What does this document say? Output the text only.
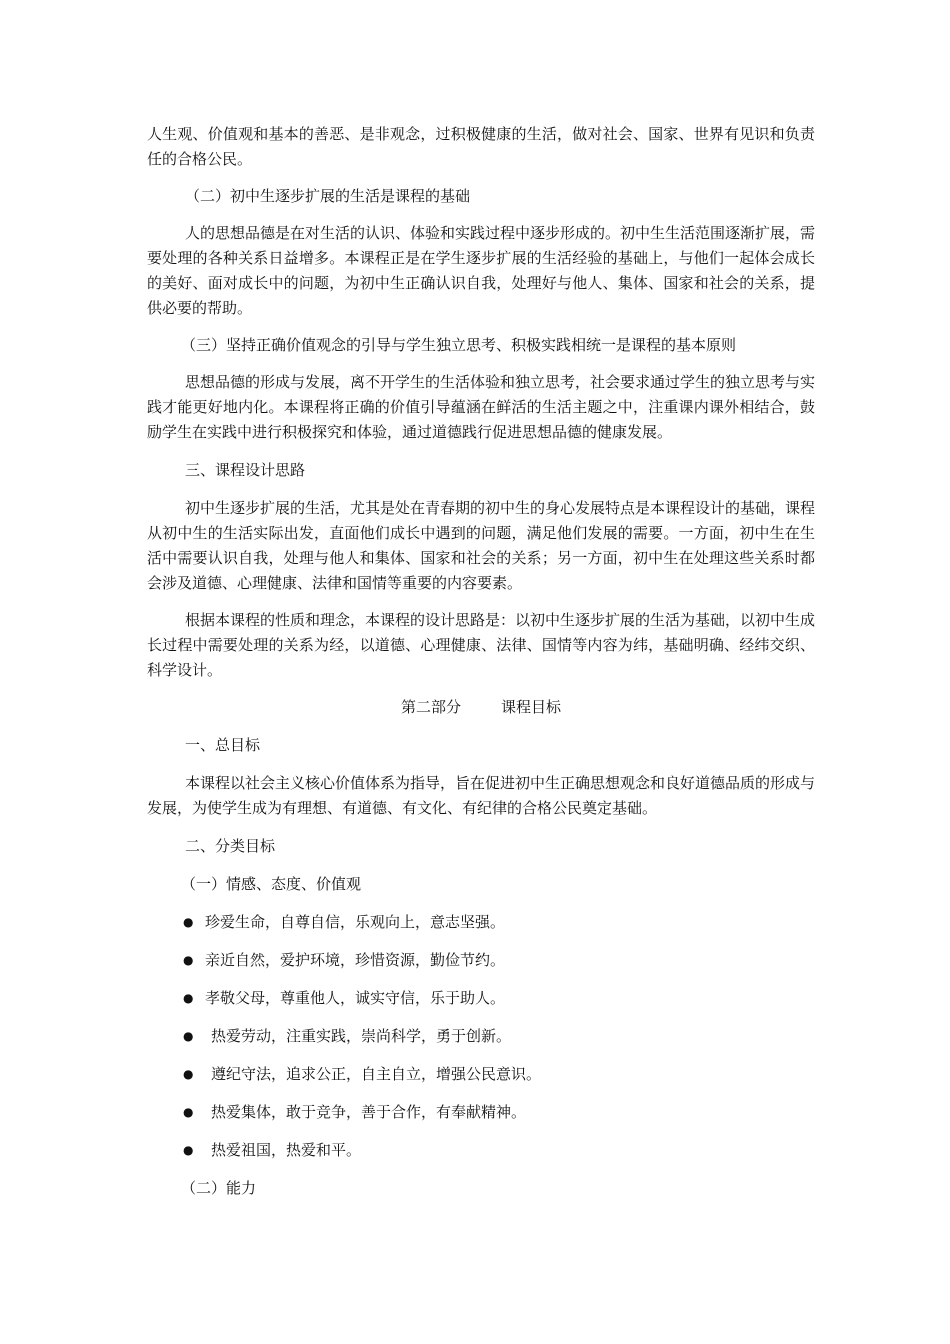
人生观、价值观和基本的善恶、是非观念，过积极健康的生活，做对社会、国家、世界有见识和负责任的合格公民。

（二）初中生逐步扩展的生活是课程的基础

人的思想品德是在对生活的认识、体验和实践过程中逐步形成的。初中生生活范围逐渐扩展，需要处理的各种关系日益增多。本课程正是在学生逐步扩展的生活经验的基础上，与他们一起体会成长的美好、面对成长中的问题，为初中生正确认识自我，处理好与他人、集体、国家和社会的关系，提供必要的帮助。

（三）坚持正确价值观念的引导与学生独立思考、积极实践相统一是课程的基本原则

思想品德的形成与发展，离不开学生的生活体验和独立思考，社会要求通过学生的独立思考与实践才能更好地内化。本课程将正确的价值引导蕴涵在鲜活的生活主题之中，注重课内课外相结合，鼓励学生在实践中进行积极探究和体验，通过道德践行促进思想品德的健康发展。

三、课程设计思路

初中生逐步扩展的生活，尤其是处在青春期的初中生的身心发展特点是本课程设计的基础，课程从初中生的生活实际出发，直面他们成长中遇到的问题，满足他们发展的需要。一方面，初中生在生活中需要认识自我，处理与他人和集体、国家和社会的关系；另一方面，初中生在处理这些关系时都会涉及道德、心理健康、法律和国情等重要的内容要素。

根据本课程的性质和理念，本课程的设计思路是：以初中生逐步扩展的生活为基础，以初中生成长过程中需要处理的关系为经，以道德、心理健康、法律、国情等内容为纬，基础明确、经纬交织、科学设计。

第二部分	课程目标

一、总目标

本课程以社会主义核心价值体系为指导，旨在促进初中生正确思想观念和良好道德品质的形成与发展，为使学生成为有理想、有道德、有文化、有纪律的合格公民奠定基础。

二、分类目标

（一）情感、态度、价值观

● 珍爱生命，自尊自信，乐观向上，意志坚强。

● 亲近自然，爱护环境，珍惜资源，勤俭节约。

● 孝敬父母，尊重他人，诚实守信，乐于助人。

● 热爱劳动，注重实践，崇尚科学，勇于创新。

● 遵纪守法，追求公正，自主自立，增强公民意识。

● 热爱集体，敢于竞争，善于合作，有奉献精神。

● 热爱祖国，热爱和平。

（二）能力
